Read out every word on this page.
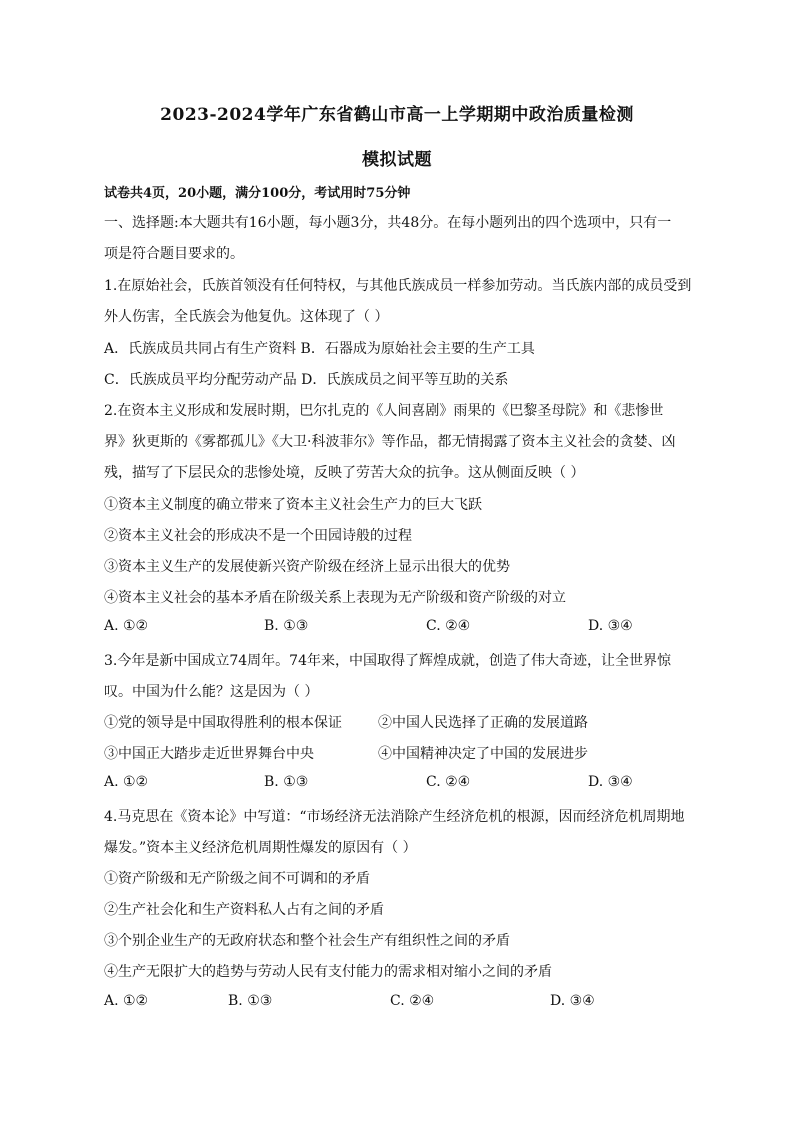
2023-2024学年广东省鹤山市高一上学期期中政治质量检测
模拟试题
试卷共4页，20小题，满分100分，考试用时75分钟
一、选择题:本大题共有16小题，每小题3分，共48分。在每小题列出的四个选项中，只有一
项是符合题目要求的。
1.在原始社会，氏族首领没有任何特权，与其他氏族成员一样参加劳动。当氏族内部的成员受到
外人伤害，全氏族会为他复仇。这体现了（ ）
A．氏族成员共同占有生产资料 B．石器成为原始社会主要的生产工具
C．氏族成员平均分配劳动产品 D．氏族成员之间平等互助的关系
2.在资本主义形成和发展时期，巴尔扎克的《人间喜剧》雨果的《巴黎圣母院》和《悲惨世
界》狄更斯的《雾都孤儿》《大卫·科波菲尔》等作品，都无情揭露了资本主义社会的贪婪、凶
残，描写了下层民众的悲惨处境，反映了劳苦大众的抗争。这从侧面反映（ ）
①资本主义制度的确立带来了资本主义社会生产力的巨大飞跃
②资本主义社会的形成决不是一个田园诗般的过程
③资本主义生产的发展使新兴资产阶级在经济上显示出很大的优势
④资本主义社会的基本矛盾在阶级关系上表现为无产阶级和资产阶级的对立
A. ①②	B. ①③	C. ②④	D. ③④
3.今年是新中国成立74周年。74年来，中国取得了辉煌成就，创造了伟大奇迹，让全世界惊
叹。中国为什么能？这是因为（ ）
①党的领导是中国取得胜利的根本保证	②中国人民选择了正确的发展道路
③中国正大踏步走近世界舞台中央	④中国精神决定了中国的发展进步
A. ①②	B. ①③	C. ②④	D. ③④
4.马克思在《资本论》中写道：“市场经济无法消除产生经济危机的根源，因而经济危机周期地
爆发。”资本主义经济危机周期性爆发的原因有（ ）
①资产阶级和无产阶级之间不可调和的矛盾
②生产社会化和生产资料私人占有之间的矛盾
③个别企业生产的无政府状态和整个社会生产有组织性之间的矛盾
④生产无限扩大的趋势与劳动人民有支付能力的需求相对缩小之间的矛盾
A. ①②	B. ①③	C. ②④	D. ③④
